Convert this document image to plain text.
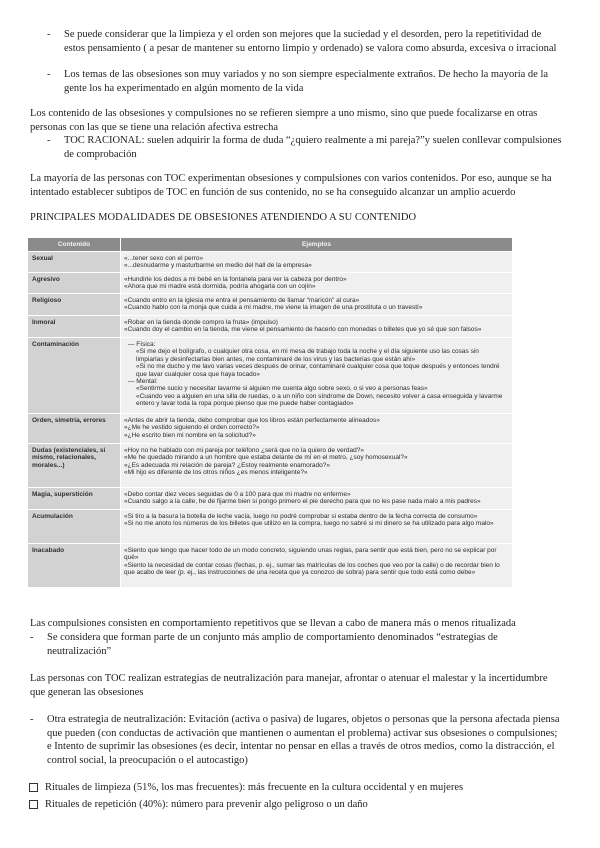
- Se puede considerar que la limpieza y el orden son mejores que la suciedad y el desorden, pero la repetitividad de estos pensamiento ( a pesar de mantener su entorno limpio y ordenado) se valora como absurda, excesiva o irracional
- Los temas de las obsesiones son muy variados y no son siempre especialmente extraños. De hecho la mayoría de la gente los ha experimentado en algún momento de la vida
Los contenido de las obsesiones y compulsiones no se refieren siempre a uno mismo, sino que puede focalizarse en otras personas con las que se tiene una relación afectiva estrecha
- TOC RACIONAL: suelen adquirir la forma de duda “¿quiero realmente a mi pareja?”y suelen conllevar compulsiones de comprobación
La mayoría de las personas con TOC experimentan obsesiones y compulsiones con varios contenidos. Por eso, aunque se ha intentado establecer subtipos de TOC en función de sus contenido, no se ha conseguido alcanzar un amplio acuerdo
PRINCIPALES MODALIDADES DE OBSESIONES ATENDIENDO A SU CONTENIDO
Contenido	Ejemplos
Sexual	«...tener sexo con el perro»
«...desnudarme y masturbarme en medio del hall de la empresa»
Agresivo	«Hundirle los dedos a mi bebé en la fontanela para ver la cabeza por dentro»
«Ahora que mi madre está dormida, podría ahogarla con un cojín»
Religioso	«Cuando entro en la iglesia me entra el pensamiento de llamar “maricón” al cura»
«Cuando hablo con la monja que cuida a mi madre, me viene la imagen de una prostituta o un travestí»
Inmoral	«Robar en la tienda donde compro la fruta» (impulso)
«Cuando doy el cambio en la tienda, me viene el pensamiento de hacerlo con monedas o billetes que yo sé que son falsos»
Contaminación	— Física:
«Si me dejo el bolígrafo, o cualquier otra cosa, en mi mesa de trabajo toda la noche y el día siguiente uso las cosas sin limpiarlas y desinfectarlas bien antes, me contaminaré de los virus y las bacterias que están ahí»
«Si no me ducho y me lavo varias veces después de orinar, contaminaré cualquier cosa que toque después y entonces tendré que lavar cualquier cosa que haya tocado»
— Mental:
«Sentirme sucio y necesitar lavarme si alguien me cuenta algo sobre sexo, o si veo a personas feas»
«Cuando veo a alguien en una silla de ruedas, o a un niño con síndrome de Down, necesito volver a casa enseguida y lavarme entero y lavar toda la ropa porque pienso que me puede haber contagiado»
Orden, simetría, errores	«Antes de abrir la tienda, debo comprobar que los libros están perfectamente alineados»
«¿Me he vestido siguiendo el orden correcto?»
«¿He escrito bien mi nombre en la solicitud?»
Dudas (existenciales, sí mismo, relacionales, morales...)
«Hoy no he hablado con mi pareja por teléfono ¿será que no la quiero de verdad?»
«Me he quedado mirando a un hombre que estaba delante de mí en el metro, ¿soy homosexual?»
«¿Es adecuada mi relación de pareja? ¿Estoy realmente enamorado?»
«Mi hijo es diferente de los otros niños ¿es menos inteligente?»
Magia, superstición	«Debo contar diez veces seguidas de 0 a 100 para que mi madre no enferme»
«Cuando salgo a la calle, he de fijarme bien si pongo primero el pie derecho para que no les pase nada malo a mis padres»
Acumulación	«Si tiro a la basura la botella de leche vacía, luego no podré comprobar si estaba dentro de la fecha correcta de consumo»
«Si no me anoto los números de los billetes que utilizo en la compra, luego no sabré si mi dinero se ha utilizado para algo malo»
Inacabado	«Siento que tengo que hacer todo de un modo concreto, siguiendo unas reglas, para sentir que está bien, pero no se explicar por qué»
«Siento la necesidad de contar cosas (fechas, p. ej., sumar las matrículas de los coches que veo por la calle) o de recordar bien lo que acabo de leer (p. ej., las instrucciones de una receta que ya conozco de sobra) para sentir que todo está como debe»
Las compulsiones consisten en comportamiento repetitivos que se llevan a cabo de manera más o menos ritualizada
- Se considera que forman parte de un conjunto más amplio de comportamiento denominados “estrategias de neutralización”
Las personas con TOC realizan estrategias de neutralización para manejar, afrontar o atenuar el malestar y la incertidumbre que generan las obsesiones
- Otra estrategia de neutralización: Evitación (activa o pasiva) de lugares, objetos o personas que la persona afectada piensa que pueden (con conductas de activación que mantienen o aumentan el problema) activar sus obsesiones o compulsiones; e Intento de suprimir las obsesiones (es decir, intentar no pensar en ellas a través de otros medios, como la distracción, el control social, la preocupación o el autocastigo)
Rituales de limpieza (51%, los mas frecuentes): más frecuente en la cultura occidental y en mujeres
Rituales de repetición (40%): número para prevenir algo peligroso o un daño
